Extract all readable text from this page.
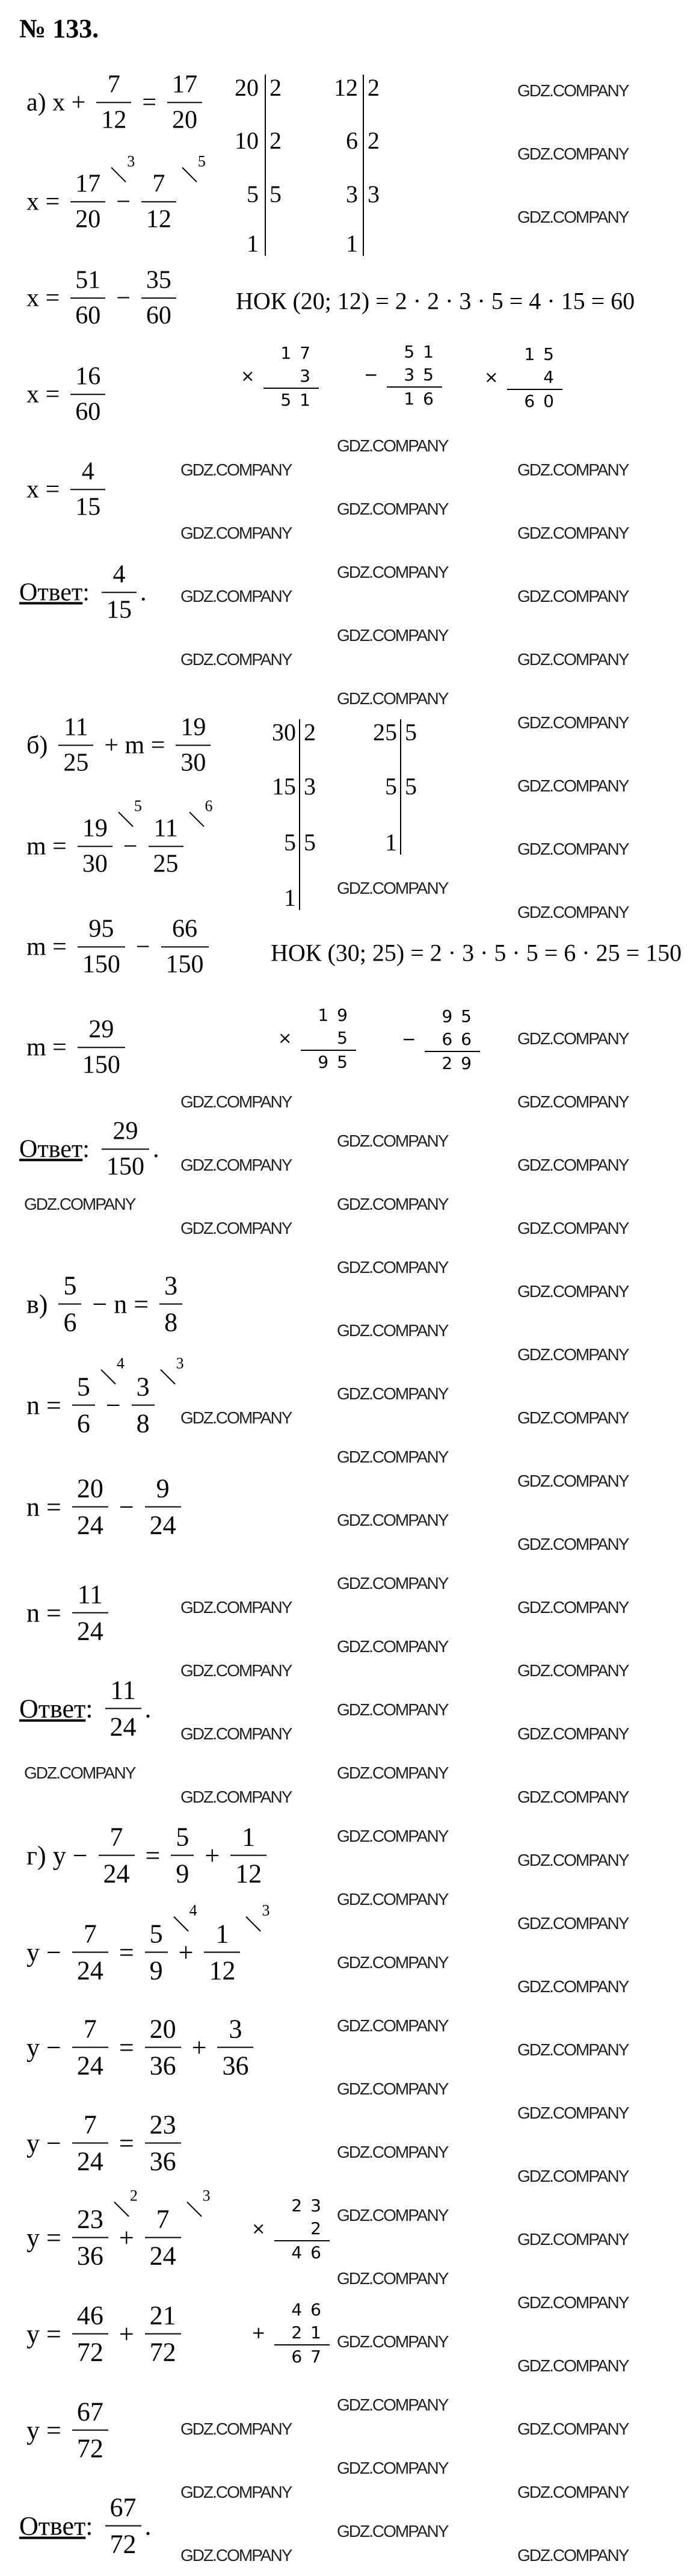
№ 133.
а) $x + \frac{7}{12} = \frac{17}{20}$
x =
17
20
3
−
7
12
5
$x = \frac{51}{60} - \frac{35}{60}$
$x = \frac{16}{60}$
$x = \frac{4}{15}$
Ответ : $\frac{4}{15}$ .
20 2
10 2
5 5
1
12 2
6 2
3 3
1
НОК (20; 12) = 2 · 2 · 3 · 5 = 4 · 15 = 60
17
×	3
51
51
− 35
16
15
×	4
60
$б) \frac{11}{25} + m = \frac{19}{30}$
m =
19
30
5
−
11
25
6
$m = \frac{95}{150} - \frac{66}{150}$
$m = \frac{29}{150}$
Ответ : $\frac{29}{150}$ .
30 2
15 3
5 5
1
25 5
5 5
1
НОК (30; 25) = 2 · 3 · 5 · 5 = 6 · 25 = 150
19
×	5
95
95
− 66
29
$в) \frac{5}{6} - n = \frac{3}{8}$
n =
5
6
4
−
3
8
3
$n = \frac{20}{24} - \frac{9}{24}$
$n = \frac{11}{24}$
Ответ : $\frac{11}{24}$ .
г) $y - \frac{7}{24} = \frac{5}{9} + \frac{1}{12}$
$y - \frac{7}{24}$ =
5
9
4
+
1
12
3
$y - \frac{7}{24} = \frac{20}{36} + \frac{3}{36}$
$y - \frac{7}{24} = \frac{23}{36}$
y =
23
36
2
+
7
24
3
$y = \frac{46}{72} + \frac{21}{72}$
$y = \frac{67}{72}$
Ответ : $\frac{67}{72}$ .
23
×	2
46
46
+ 21
67
GDZ.COMPANY
GDZ.COMPANY
GDZ.COMPANY
GDZ.COMPANY
GDZ.COMPANY
GDZ.COMPANY
GDZ.COMPANY
GDZ.COMPANY
GDZ.COMPANY
GDZ.COMPANY
GDZ.COMPANY
GDZ.COMPANY
GDZ.COMPANY
GDZ.COMPANY
GDZ.COMPANY
GDZ.COMPANY
GDZ.COMPANY
GDZ.COMPANY
GDZ.COMPANY
GDZ.COMPANY
GDZ.COMPANY
GDZ.COMPANY
GDZ.COMPANY	GDZ.COMPANY
GDZ.COMPANY
GDZ.COMPANY
GDZ.COMPANY
GDZ.COMPANY
GDZ.COMPANY
GDZ.COMPANY
GDZ.COMPANY
GDZ.COMPANY
GDZ.COMPANY
GDZ.COMPANY
GDZ.COMPANY
GDZ.COMPANY
GDZ.COMPANY
GDZ.COMPANY
GDZ.COMPANY
GDZ.COMPANY
GDZ.COMPANY
GDZ.COMPANY
GDZ.COMPANY
GDZ.COMPANY
GDZ.COMPANY
GDZ.COMPANY
GDZ.COMPANY
GDZ.COMPANY
GDZ.COMPANY
GDZ.COMPANY
GDZ.COMPANY
GDZ.COMPANY
GDZ.COMPANY
GDZ.COMPANY
GDZ.COMPANY
GDZ.COMPANY
GDZ.COMPANY
GDZ.COMPANY
GDZ.COMPANY
GDZ.COMPANY
GDZ.COMPANY
GDZ.COMPANY
GDZ.COMPANY
GDZ.COMPANY
GDZ.COMPANY
GDZ.COMPANY
GDZ.COMPANY
GDZ.COMPANY
GDZ.COMPANY
GDZ.COMPANY
GDZ.COMPANY
GDZ.COMPANY
GDZ.COMPANY
GDZ.COMPANY
GDZ.COMPANY
GDZ.COMPANY
GDZ.COMPANY
GDZ.COMPANY
GDZ.COMPANY
GDZ.COMPANY
GDZ.COMPANY
GDZ.COMPANY
